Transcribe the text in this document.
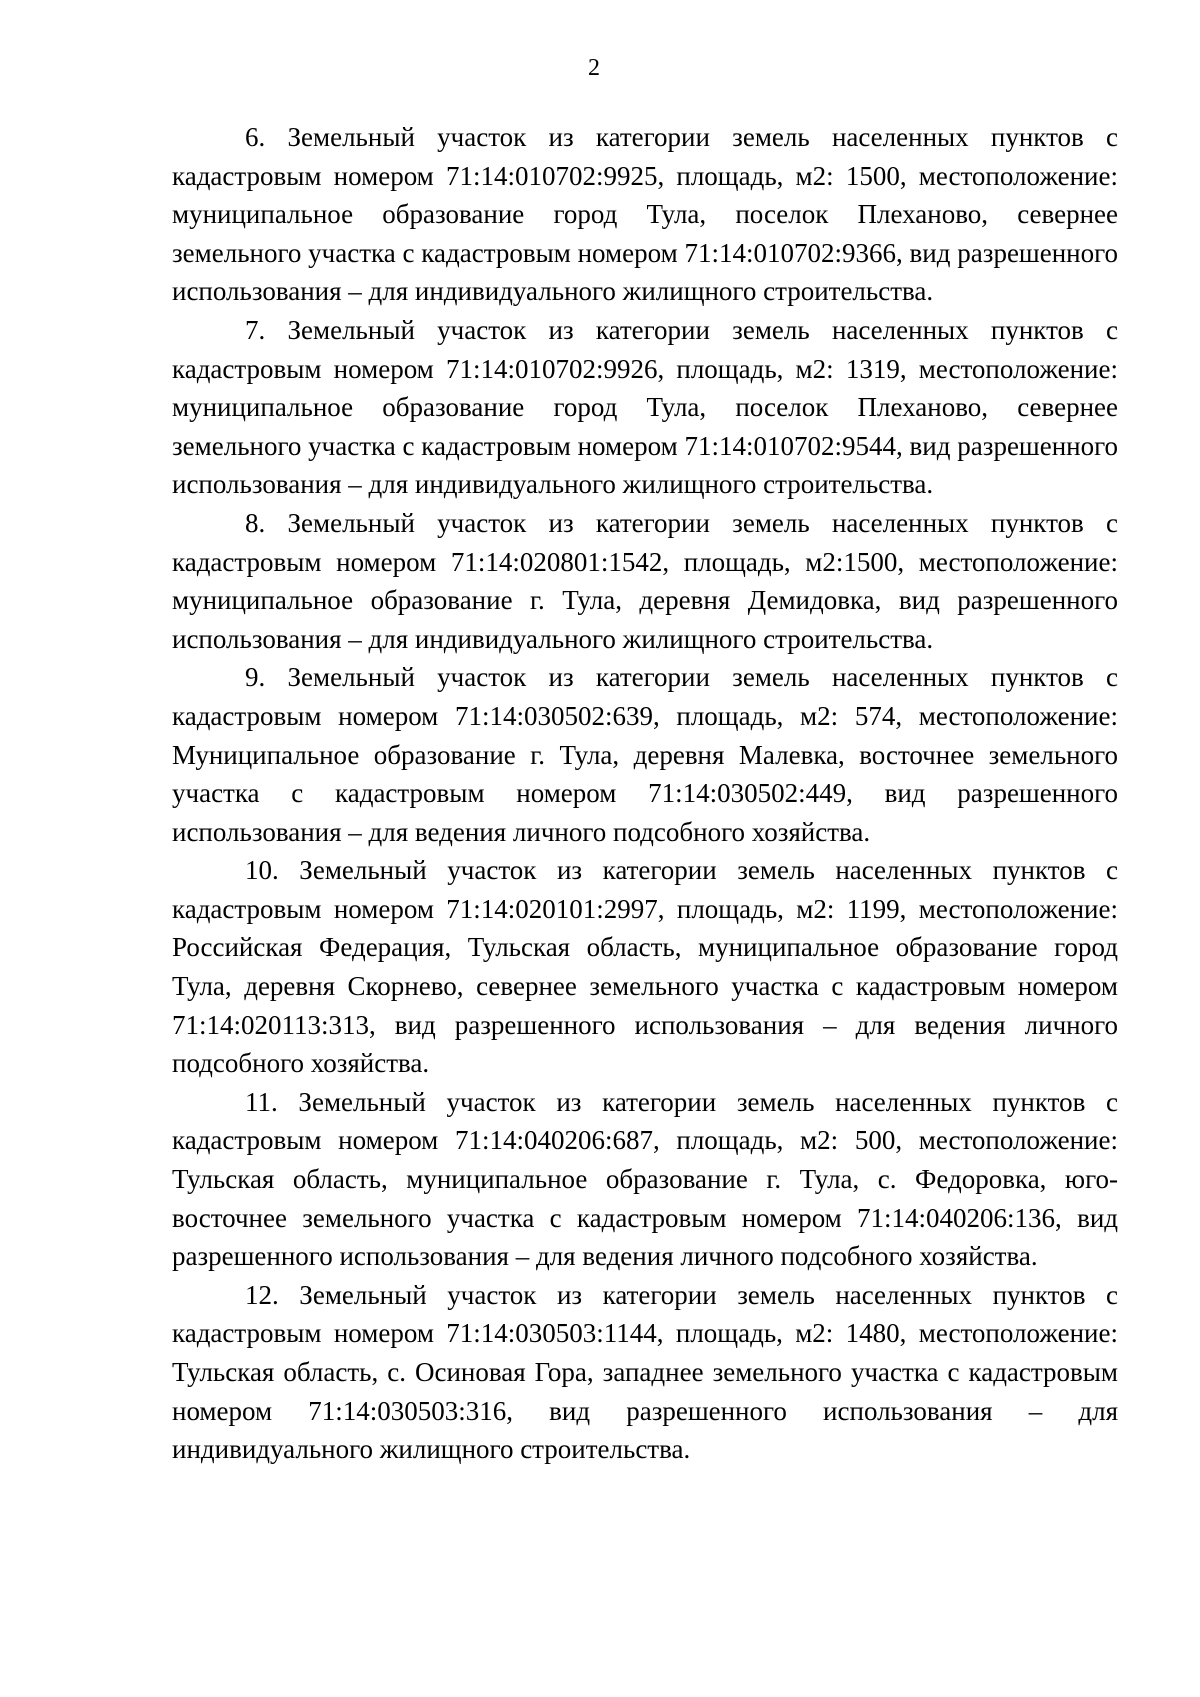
2

6. Земельный участок из категории земель населенных пунктов с кадастровым номером 71:14:010702:9925, площадь, м2: 1500, местоположение: муниципальное образование город Тула, поселок Плеханово, севернее земельного участка с кадастровым номером 71:14:010702:9366, вид разрешенного использования – для индивидуального жилищного строительства.

7. Земельный участок из категории земель населенных пунктов с кадастровым номером 71:14:010702:9926, площадь, м2: 1319, местоположение: муниципальное образование город Тула, поселок Плеханово, севернее земельного участка с кадастровым номером 71:14:010702:9544, вид разрешенного использования – для индивидуального жилищного строительства.

8. Земельный участок из категории земель населенных пунктов с кадастровым номером 71:14:020801:1542, площадь, м2:1500, местоположение: муниципальное образование г. Тула, деревня Демидовка, вид разрешенного использования – для индивидуального жилищного строительства.

9. Земельный участок из категории земель населенных пунктов с кадастровым номером 71:14:030502:639, площадь, м2: 574, местоположение: Муниципальное образование г. Тула, деревня Малевка, восточнее земельного участка с кадастровым номером 71:14:030502:449, вид разрешенного использования – для ведения личного подсобного хозяйства.

10. Земельный участок из категории земель населенных пунктов с кадастровым номером 71:14:020101:2997, площадь, м2: 1199, местоположение: Российская Федерация, Тульская область, муниципальное образование город Тула, деревня Скорнево, севернее земельного участка с кадастровым номером 71:14:020113:313, вид разрешенного использования – для ведения личного подсобного хозяйства.

11. Земельный участок из категории земель населенных пунктов с кадастровым номером 71:14:040206:687, площадь, м2: 500, местоположение: Тульская область, муниципальное образование г. Тула, с. Федоровка, юго-восточнее земельного участка с кадастровым номером 71:14:040206:136, вид разрешенного использования – для ведения личного подсобного хозяйства.

12. Земельный участок из категории земель населенных пунктов с кадастровым номером 71:14:030503:1144, площадь, м2: 1480, местоположение: Тульская область, с. Осиновая Гора, западнее земельного участка с кадастровым номером 71:14:030503:316, вид разрешенного использования – для индивидуального жилищного строительства.
